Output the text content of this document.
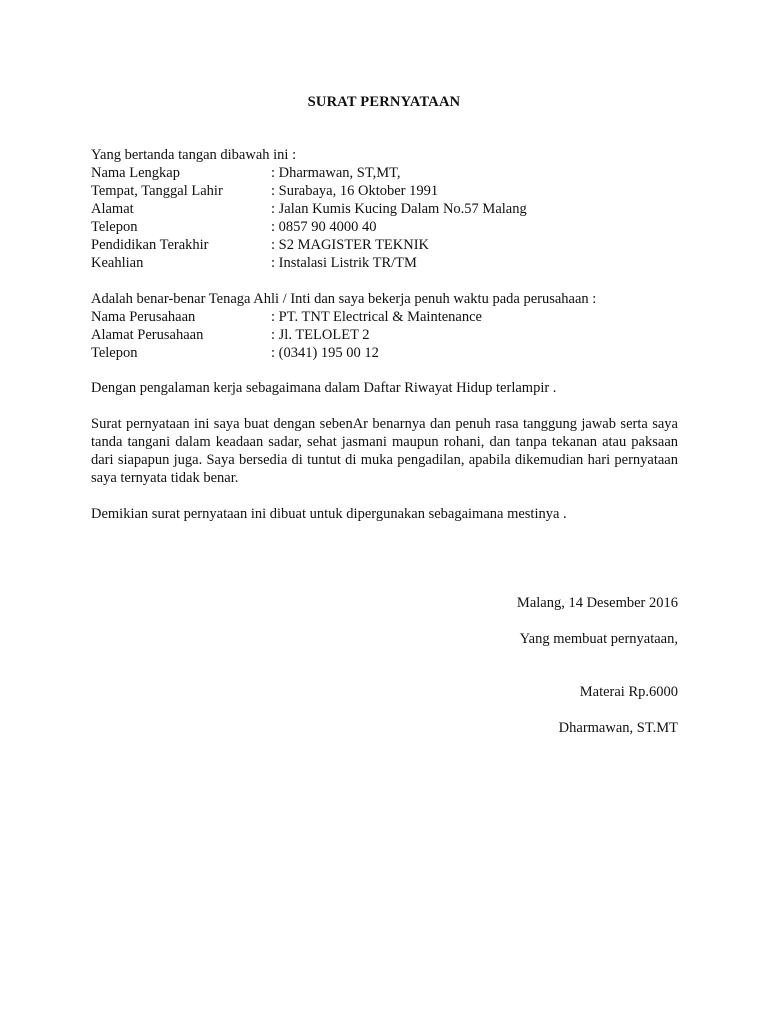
SURAT PERNYATAAN
Yang bertanda tangan dibawah ini :
Nama Lengkap	: Dharmawan, ST,MT,
Tempat, Tanggal Lahir	: Surabaya, 16 Oktober 1991
Alamat	: Jalan Kumis Kucing Dalam No.57 Malang
Telepon	: 0857 90 4000 40
Pendidikan Terakhir	: S2 MAGISTER TEKNIK
Keahlian	: Instalasi Listrik TR/TM
Adalah benar-benar Tenaga Ahli / Inti dan saya bekerja penuh waktu pada perusahaan :
Nama Perusahaan	: PT. TNT Electrical & Maintenance
Alamat Perusahaan	: Jl. TELOLET 2
Telepon	: (0341) 195 00 12
Dengan pengalaman kerja sebagaimana dalam Daftar Riwayat Hidup terlampir .
Surat pernyataan ini saya buat dengan sebenAr benarnya dan penuh rasa tanggung jawab serta saya tanda tangani dalam keadaan sadar, sehat jasmani maupun rohani, dan tanpa tekanan atau paksaan dari siapapun juga. Saya bersedia di tuntut di muka pengadilan, apabila dikemudian hari pernyataan saya ternyata tidak benar.
Demikian surat pernyataan ini dibuat untuk dipergunakan sebagaimana mestinya .
Malang, 14 Desember 2016
Yang membuat pernyataan,
Materai Rp.6000
Dharmawan, ST.MT
